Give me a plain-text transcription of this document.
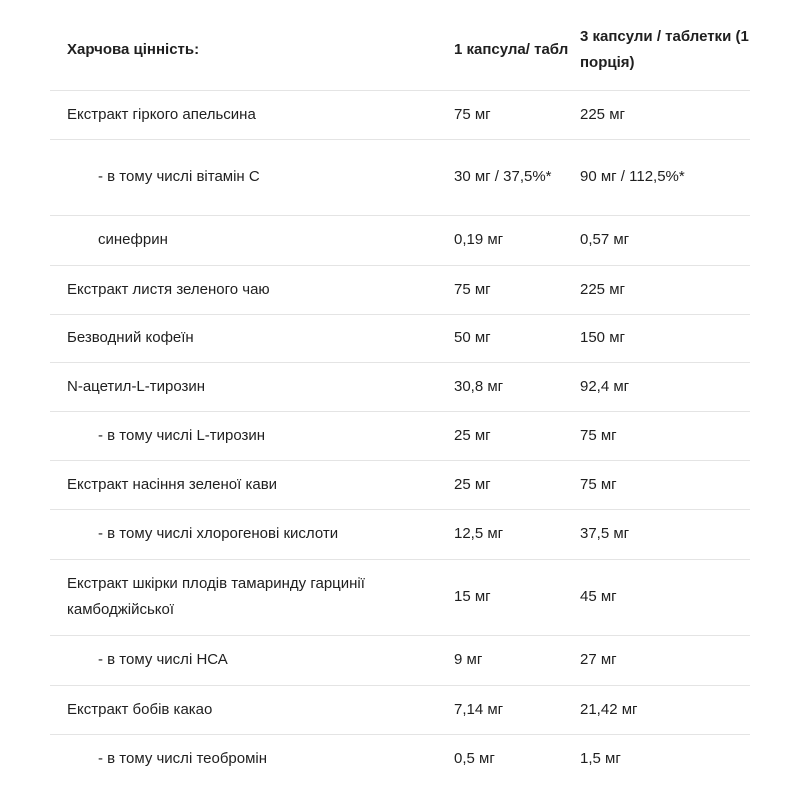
Харчова цінність:	1 капсула/ табл	3 капсули / таблетки (1 порція)
Екстракт гіркого апельсина	75 мг	225 мг
- в тому числі вітамін С	30 мг / 37,5%*	90 мг / 112,5%*
синефрин	0,19 мг	0,57 мг
Екстракт листя зеленого чаю	75 мг	225 мг
Безводний кофеїн	50 мг	150 мг
N-ацетил-L-тирозин	30,8 мг	92,4 мг
- в тому числі L-тирозин	25 мг	75 мг
Екстракт насіння зеленої кави	25 мг	75 мг
- в тому числі хлорогенові кислоти	12,5 мг	37,5 мг
Екстракт шкірки плодів тамаринду гарцинії камбоджійської	15 мг	45 мг
- в тому числі НСА	9 мг	27 мг
Екстракт бобів какао	7,14 мг	21,42 мг
- в тому числі теобромін	0,5 мг	1,5 мг
